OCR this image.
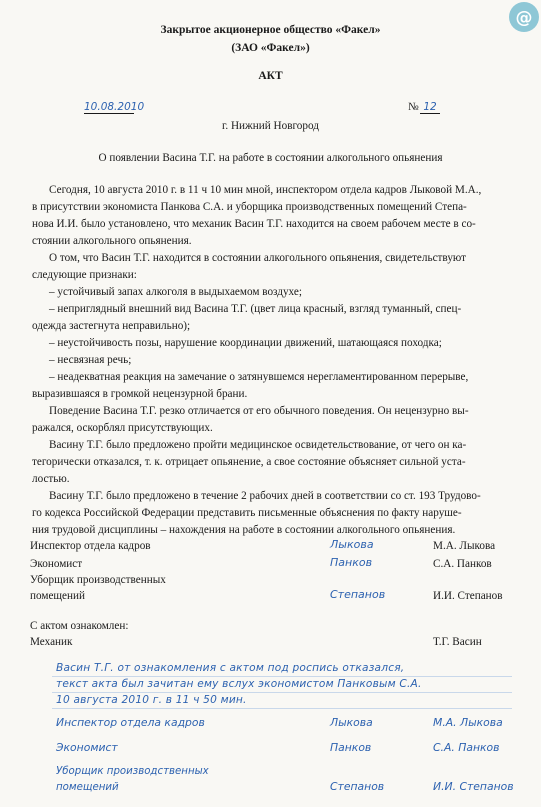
@
Закрытое акционерное общество «Факел»
(ЗАО «Факел»)
АКТ
10.08.2010	№ 12
г. Нижний Новгород
О появлении Васина Т.Г. на работе в состоянии алкогольного опьянения
Сегодня, 10 августа 2010 г. в 11 ч 10 мин мной, инспектором отдела кадров Лыковой М.А.,
в присутствии экономиста Панкова С.А. и уборщика производственных помещений Степа-
нова И.И. было установлено, что механик Васин Т.Г. находится на своем рабочем месте в со-
стоянии алкогольного опьянения.
О том, что Васин Т.Г. находится в состоянии алкогольного опьянения, свидетельствуют
следующие признаки:
– устойчивый запах алкоголя в выдыхаемом воздухе;
– неприглядный внешний вид Васина Т.Г. (цвет лица красный, взгляд туманный, спец-
одежда застегнута неправильно);
– неустойчивость позы, нарушение координации движений, шатающаяся походка;
– несвязная речь;
– неадекватная реакция на замечание о затянувшемся нерегламентированном перерыве,
выразившаяся в громкой нецензурной брани.
Поведение Васина Т.Г. резко отличается от его обычного поведения. Он нецензурно вы-
ражался, оскорблял присутствующих.
Васину Т.Г. было предложено пройти медицинское освидетельствование, от чего он ка-
тегорически отказался, т. к. отрицает опьянение, а свое состояние объясняет сильной уста-
лостью.
Васину Т.Г. было предложено в течение 2 рабочих дней в соответствии со ст. 193 Трудово-
го кодекса Российской Федерации представить письменные объяснения по факту наруше-
ния трудовой дисциплины – нахождения на работе в состоянии алкогольного опьянения.
Инспектор отдела кадров	Лыкова	М.А. Лыкова
Экономист	Панков	С.А. Панков
Уборщик производственных
помещений	Степанов	И.И. Степанов
С актом ознакомлен:
Механик	Т.Г. Васин
Васин Т.Г. от ознакомления с актом под роспись отказался,
текст акта был зачитан ему вслух экономистом Панковым С.А.
10 августа 2010 г. в 11 ч 50 мин.
Инспектор отдела кадров	Лыкова	М.А. Лыкова
Экономист	Панков	С.А. Панков
Уборщик производственных
помещений	Степанов	И.И. Степанов
